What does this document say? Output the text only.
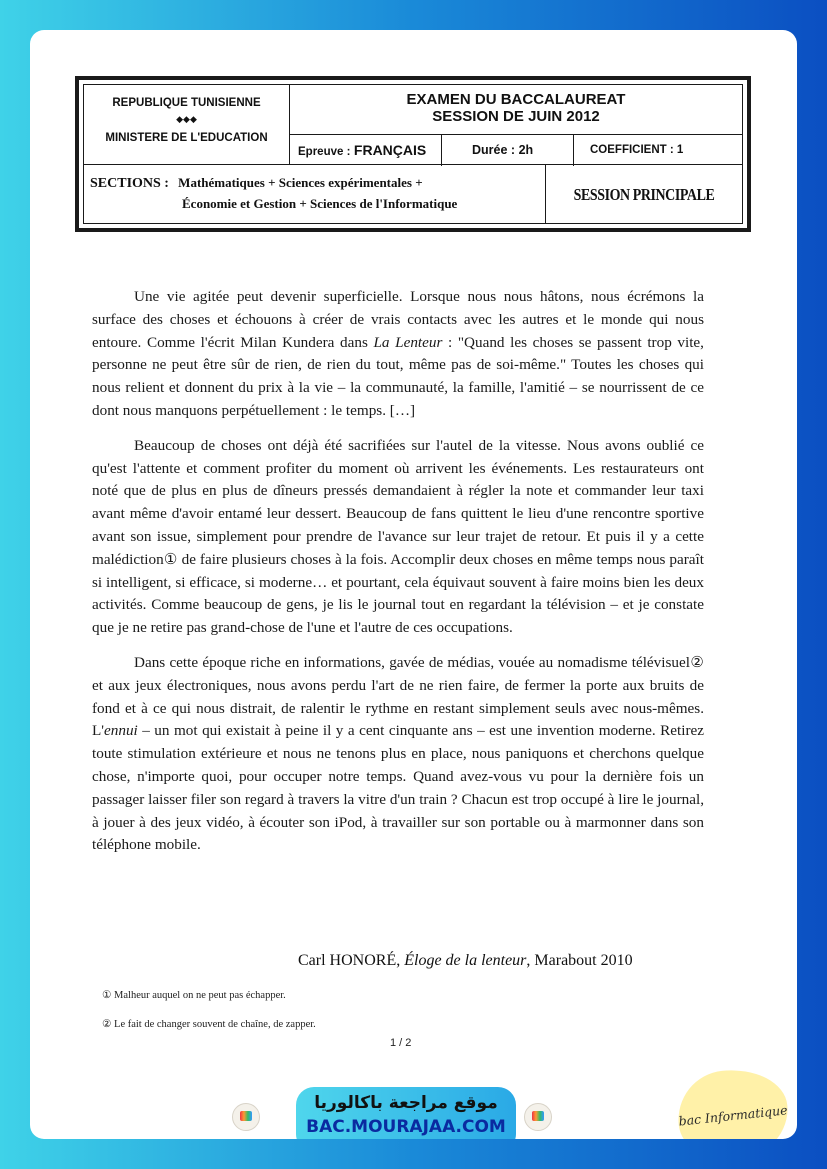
REPUBLIQUE TUNISIENNE
◆◆◆
MINISTERE DE L'EDUCATION
EXAMEN DU BACCALAUREAT
SESSION DE JUIN 2012
Epreuve : FRANÇAIS	Durée : 2h	COEFFICIENT : 1
SECTIONS : Mathématiques + Sciences expérimentales +
Économie et Gestion + Sciences de l'Informatique	SESSION PRINCIPALE

Une vie agitée peut devenir superficielle. Lorsque nous nous hâtons, nous écrémons la surface des choses et échouons à créer de vrais contacts avec les autres et le monde qui nous entoure. Comme l'écrit Milan Kundera dans La Lenteur : "Quand les choses se passent trop vite, personne ne peut être sûr de rien, de rien du tout, même pas de soi-même." Toutes les choses qui nous relient et donnent du prix à la vie – la communauté, la famille, l'amitié – se nourrissent de ce dont nous manquons perpétuellement : le temps. […]

Beaucoup de choses ont déjà été sacrifiées sur l'autel de la vitesse. Nous avons oublié ce qu'est l'attente et comment profiter du moment où arrivent les événements. Les restaurateurs ont noté que de plus en plus de dîneurs pressés demandaient à régler la note et commander leur taxi avant même d'avoir entamé leur dessert. Beaucoup de fans quittent le lieu d'une rencontre sportive avant son issue, simplement pour prendre de l'avance sur leur trajet de retour. Et puis il y a cette malédiction① de faire plusieurs choses à la fois. Accomplir deux choses en même temps nous paraît si intelligent, si efficace, si moderne… et pourtant, cela équivaut souvent à faire moins bien les deux activités. Comme beaucoup de gens, je lis le journal tout en regardant la télévision – et je constate que je ne retire pas grand-chose de l'une et l'autre de ces occupations.

Dans cette époque riche en informations, gavée de médias, vouée au nomadisme télévisuel② et aux jeux électroniques, nous avons perdu l'art de ne rien faire, de fermer la porte aux bruits de fond et à ce qui nous distrait, de ralentir le rythme en restant simplement seuls avec nous-mêmes. L'ennui – un mot qui existait à peine il y a cent cinquante ans – est une invention moderne. Retirez toute stimulation extérieure et nous ne tenons plus en place, nous paniquons et cherchons quelque chose, n'importe quoi, pour occuper notre temps. Quand avez-vous vu pour la dernière fois un passager laisser filer son regard à travers la vitre d'un train ? Chacun est trop occupé à lire le journal, à jouer à des jeux vidéo, à écouter son iPod, à travailler sur son portable ou à marmonner dans son téléphone mobile.

Carl HONORÉ, Éloge de la lenteur, Marabout 2010
① Malheur auquel on ne peut pas échapper.
② Le fait de changer souvent de chaîne, de zapper.
1 / 2
موقع مراجعة باكالوريا
BAC.MOURAJAA.COM	bac Informatique
